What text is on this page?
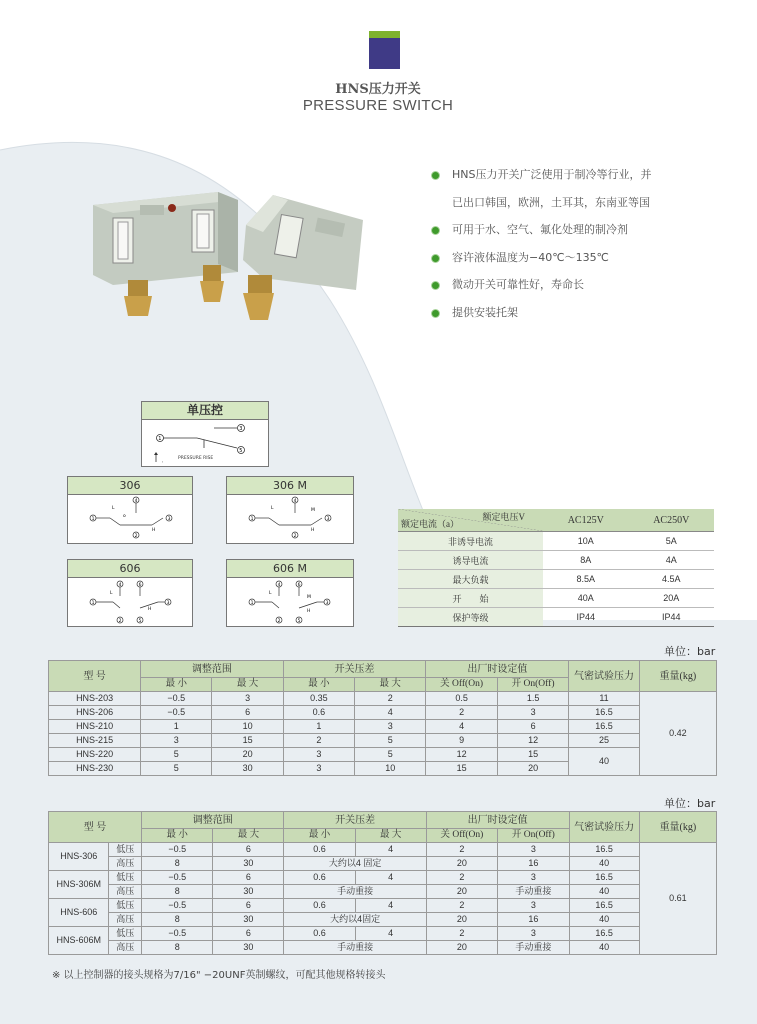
HNS压力开关
PRESSURE SWITCH
HNS压力开关广泛使用于制冷等行业，并
已出口韩国，欧洲，土耳其，东南亚等国
可用于水、空气、氟化处理的制冷剂
容许液体温度为−40℃～135℃
微动开关可靠性好，寿命长
提供安装托架
单压控
1
3
5
,
PRESSURE RISE
306
1
4
2
3
L
H
o
306 M
1
4
2
3
L	M
H
606
1
4
2
6
5
3
L
H
606 M
1
4
2
6
5
3
L
M
H
额定电压V
额定电流（a）	AC125V	AC250V
非诱导电流	10A	5A
诱导电流	8A	4A
最大负载	8.5A	4.5A
开　　始	40A	20A
保护等级	IP44	IP44
单位：bar
型 号	调整范围		开关压差		出厂时设定值		气密试验压力	重量(kg)
	最 小	最 大	最 小	最 大	关 Off(On)	开 On(Off)		
HNS-203	−0.5	3	0.35	2	0.5	1.5	11	0.42
HNS-206	−0.5	6	0.6	4	2	3	16.5	
HNS-210	1	10	1	3	4	6	16.5	
HNS-215	3	15	2	5	9	12	25	
HNS-220	5	20	3	5	12	15	40	
HNS-230	5	30	3	10	15	20		
单位：bar
型 号		调整范围		开关压差		出厂时设定值		气密试验压力	重量(kg)
		最 小	最 大	最 小	最 大	关 Off(On)	开 On(Off)		
HNS-306	低压	−0.5	6	0.6	4	2	3	16.5	0.61
	高压	8	30	大约以4 固定		20	16	40	
HNS-306M	低压	−0.5	6	0.6	4	2	3	16.5	
	高压	8	30	手动重接		20	手动重接	40	
HNS-606	低压	−0.5	6	0.6	4	2	3	16.5	
	高压	8	30	大约以4固定		20	16	40	
HNS-606M	低压	−0.5	6	0.6	4	2	3	16.5	
	高压	8	30	手动重接		20	手动重接	40	
※ 以上控制器的接头规格为7/16" −20UNF英制螺纹，可配其他规格转接头
